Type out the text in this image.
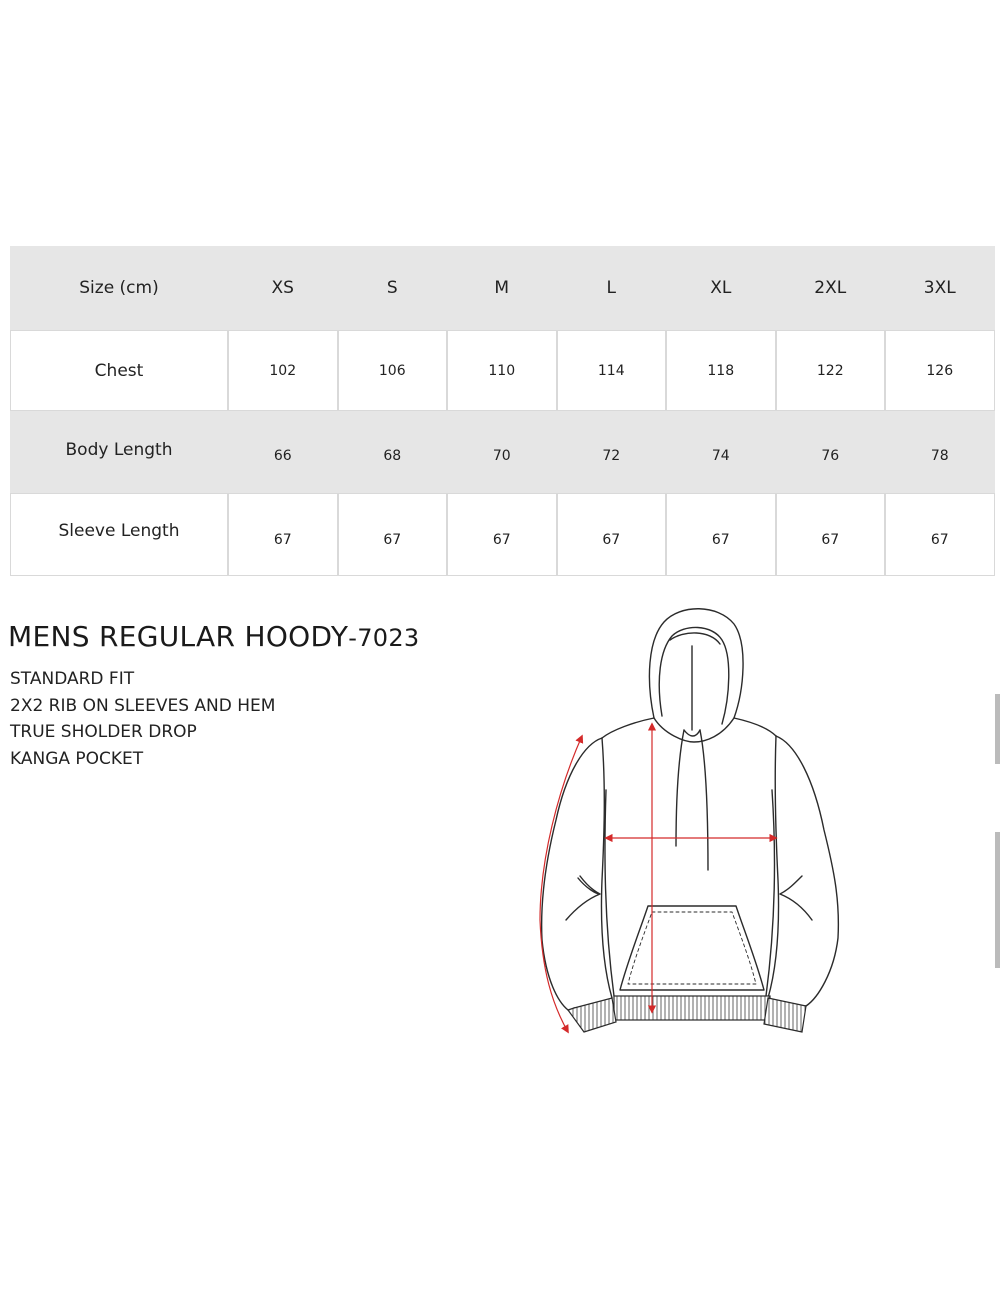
Size (cm)	XS	S	M	L	XL	2XL	3XL
Chest	102	106	110	114	118	122	126
Body Length	66	68	70	72	74	76	78
Sleeve Length	67	67	67	67	67	67	67
MENS REGULAR HOODY-7023
STANDARD FIT
2X2 RIB ON SLEEVES AND HEM
TRUE SHOLDER DROP
KANGA POCKET
